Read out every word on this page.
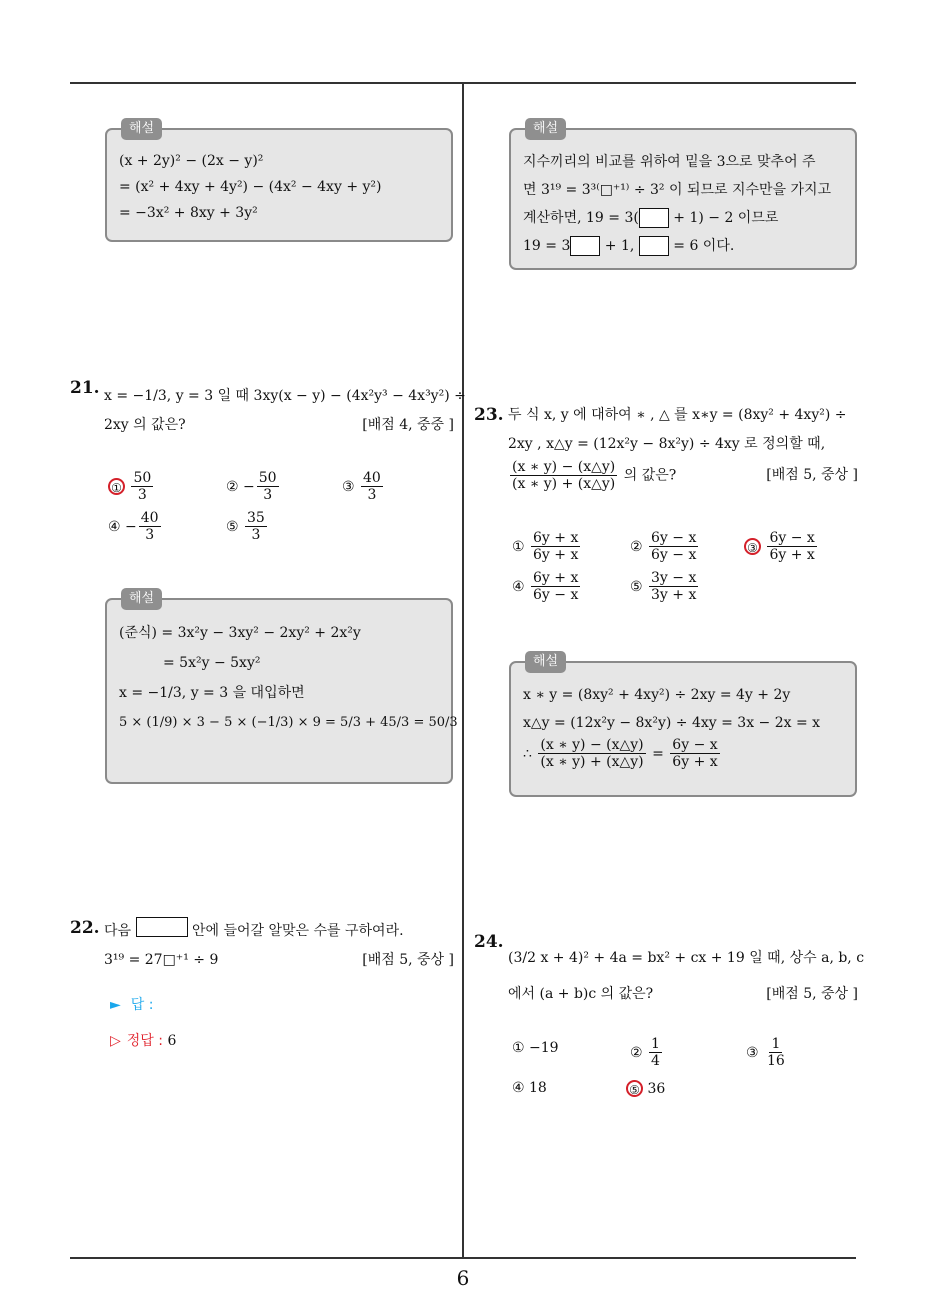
6
해설
(x + 2y)² − (2x − y)²
= (x² + 4xy + 4y²) − (4x² − 4xy + y²)
= −3x² + 8xy + 3y²
해설
지수끼리의 비교를 위하여 밑을 3으로 맞추어 주
면 3¹⁹ = 3³⁽□⁺¹⁾ ÷ 3² 이 되므로 지수만을 가지고
계산하면, 19 = 3( + 1) − 2 이므로
19 = 3 + 1,  = 6 이다.
21. x = −1/3, y = 3 일 때 3xy(x − y) − (4x²y³ − 4x³y²) ÷
2xy 의 값은?	[배점 4, 중중 ]
①
$\frac{50}{3}$	②
− $\frac{50}{3}$	③
$\frac{40}{3}$
④
− $\frac{40}{3}$	⑤
$\frac{35}{3}$
해설
(준식) = 3x²y − 3xy² − 2xy² + 2x²y
= 5x²y − 5xy²
x = −1/3, y = 3 을 대입하면
5 × (1/9) × 3 − 5 × (−1/3) × 9 = 5/3 + 45/3 = 50/3
22. 다음

	안에 들어갈 알맞은 수를 구하여라.
3¹⁹ = 27□⁺¹ ÷ 9	[배점 5, 중상 ]
► 답 :
▷ 정답 : 6
23. 두 식 x, y 에 대하여 ∗ , △ 를 x∗y = (8xy² + 4xy²) ÷
2xy , x△y = (12x²y − 8x²y) ÷ 4xy 로 정의할 때,
$\frac{(x ∗ y) - (x\triangle y)}{(x ∗ y) + (x\triangle y)}$ 의 값은?	[배점 5, 중상 ]
①
$\frac{6y + x}{6y + x}$	②
$\frac{6y - x}{6y - x}$	③
$\frac{6y - x}{6y + x}$
④
$\frac{6y + x}{6y - x}$	⑤
$\frac{3y - x}{3y + x}$
해설
x ∗ y = (8xy² + 4xy²) ÷ 2xy = 4y + 2y
x△y = (12x²y − 8x²y) ÷ 4xy = 3x − 2x = x
∴
$\frac{(x ∗ y) - (x\triangle y)}{(x ∗ y) + (x\triangle y)}$
=
$\frac{6y - x}{6y + x}$
24.
(3/2 x + 4)² + 4a = bx² + cx + 19 일 때, 상수 a, b, c
에서 (a + b)c 의 값은?	[배점 5, 중상 ]
①
−19	②
$\frac{1}{4}$	③
$\frac{1}{16}$
④
18	⑤
36
